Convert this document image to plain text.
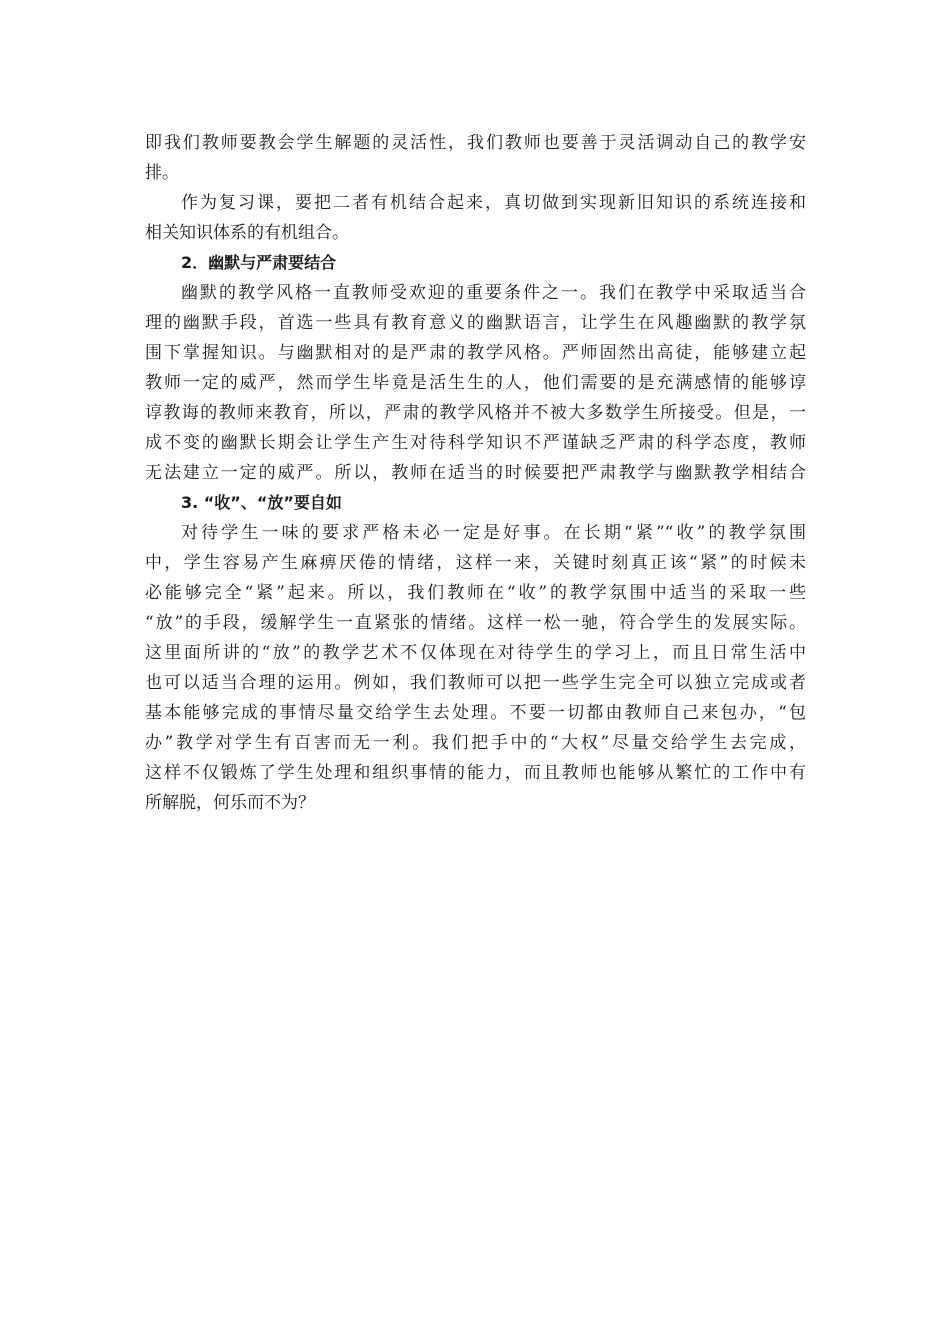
即我们教师要教会学生解题的灵活性，我们教师也要善于灵活调动自己的教学安
排。
作为复习课，要把二者有机结合起来，真切做到实现新旧知识的系统连接和
相关知识体系的有机组合。
2．幽默与严肃要结合
幽默的教学风格一直教师受欢迎的重要条件之一。我们在教学中采取适当合
理的幽默手段，首选一些具有教育意义的幽默语言，让学生在风趣幽默的教学氛
围下掌握知识。与幽默相对的是严肃的教学风格。严师固然出高徒，能够建立起
教师一定的威严，然而学生毕竟是活生生的人，他们需要的是充满感情的能够谆
谆教诲的教师来教育，所以，严肃的教学风格并不被大多数学生所接受。但是，一
成不变的幽默长期会让学生产生对待科学知识不严谨缺乏严肃的科学态度，教师
无法建立一定的威严。所以，教师在适当的时候要把严肃教学与幽默教学相结合
3. “收”、“放”要自如
对待学生一味的要求严格未必一定是好事。在长期“紧”“收”的教学氛围
中，学生容易产生麻痹厌倦的情绪，这样一来，关键时刻真正该“紧”的时候未
必能够完全“紧”起来。所以，我们教师在“收”的教学氛围中适当的采取一些
“放”的手段，缓解学生一直紧张的情绪。这样一松一驰，符合学生的发展实际。
这里面所讲的“放”的教学艺术不仅体现在对待学生的学习上，而且日常生活中
也可以适当合理的运用。例如，我们教师可以把一些学生完全可以独立完成或者
基本能够完成的事情尽量交给学生去处理。不要一切都由教师自己来包办，“包
办”教学对学生有百害而无一利。我们把手中的“大权”尽量交给学生去完成，
这样不仅锻炼了学生处理和组织事情的能力，而且教师也能够从繁忙的工作中有
所解脱，何乐而不为？
